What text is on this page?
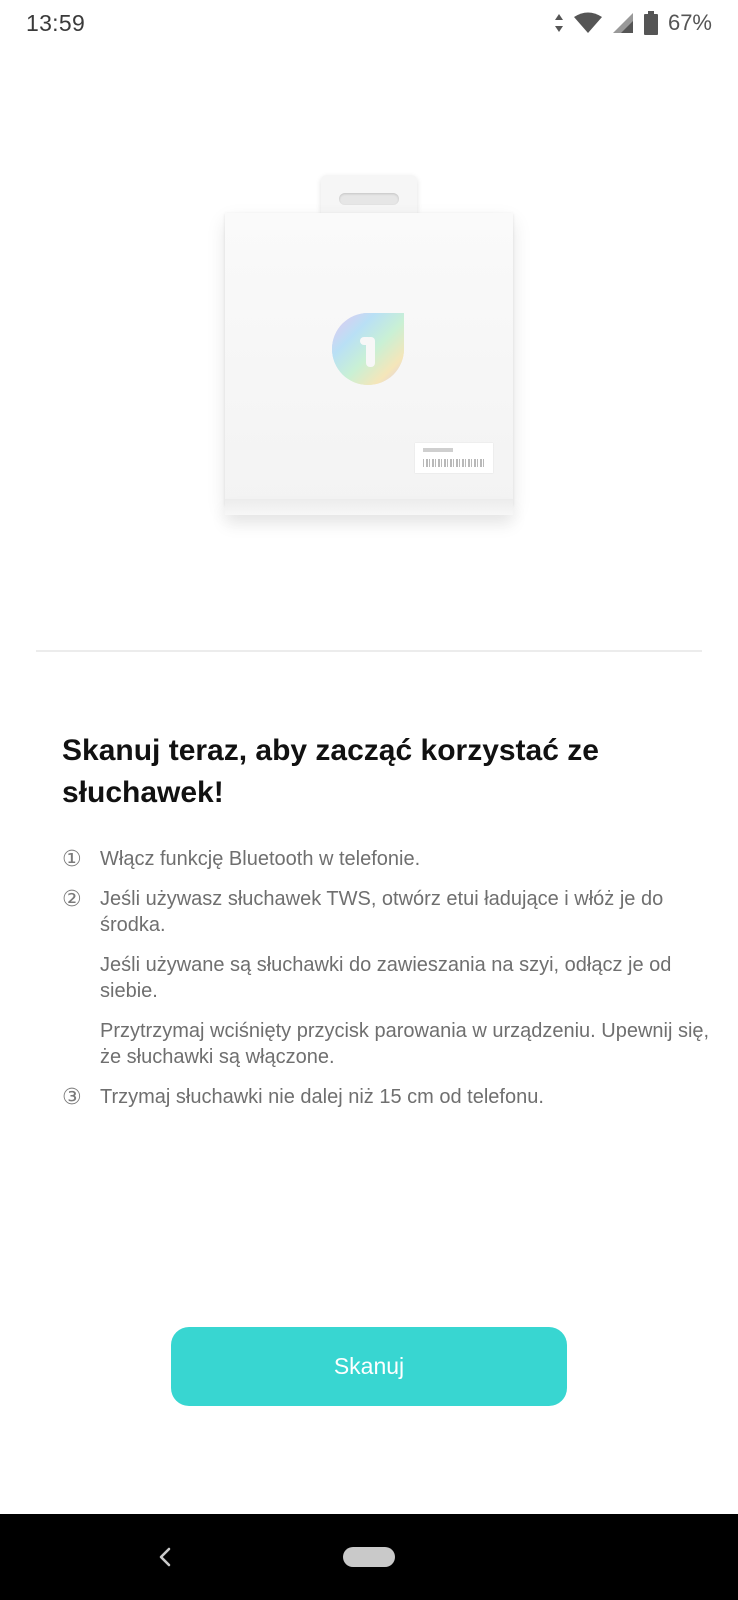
13:59	67%
Skanuj teraz, aby zacząć korzystać ze słuchawek!
① Włącz funkcję Bluetooth w telefonie.
② Jeśli używasz słuchawek TWS, otwórz etui ładujące i włóż je do środka.
Jeśli używane są słuchawki do zawieszania na szyi, odłącz je od siebie.
Przytrzymaj wciśnięty przycisk parowania w urządzeniu. Upewnij się, że słuchawki są włączone.
③ Trzymaj słuchawki nie dalej niż 15 cm od telefonu.
Skanuj
